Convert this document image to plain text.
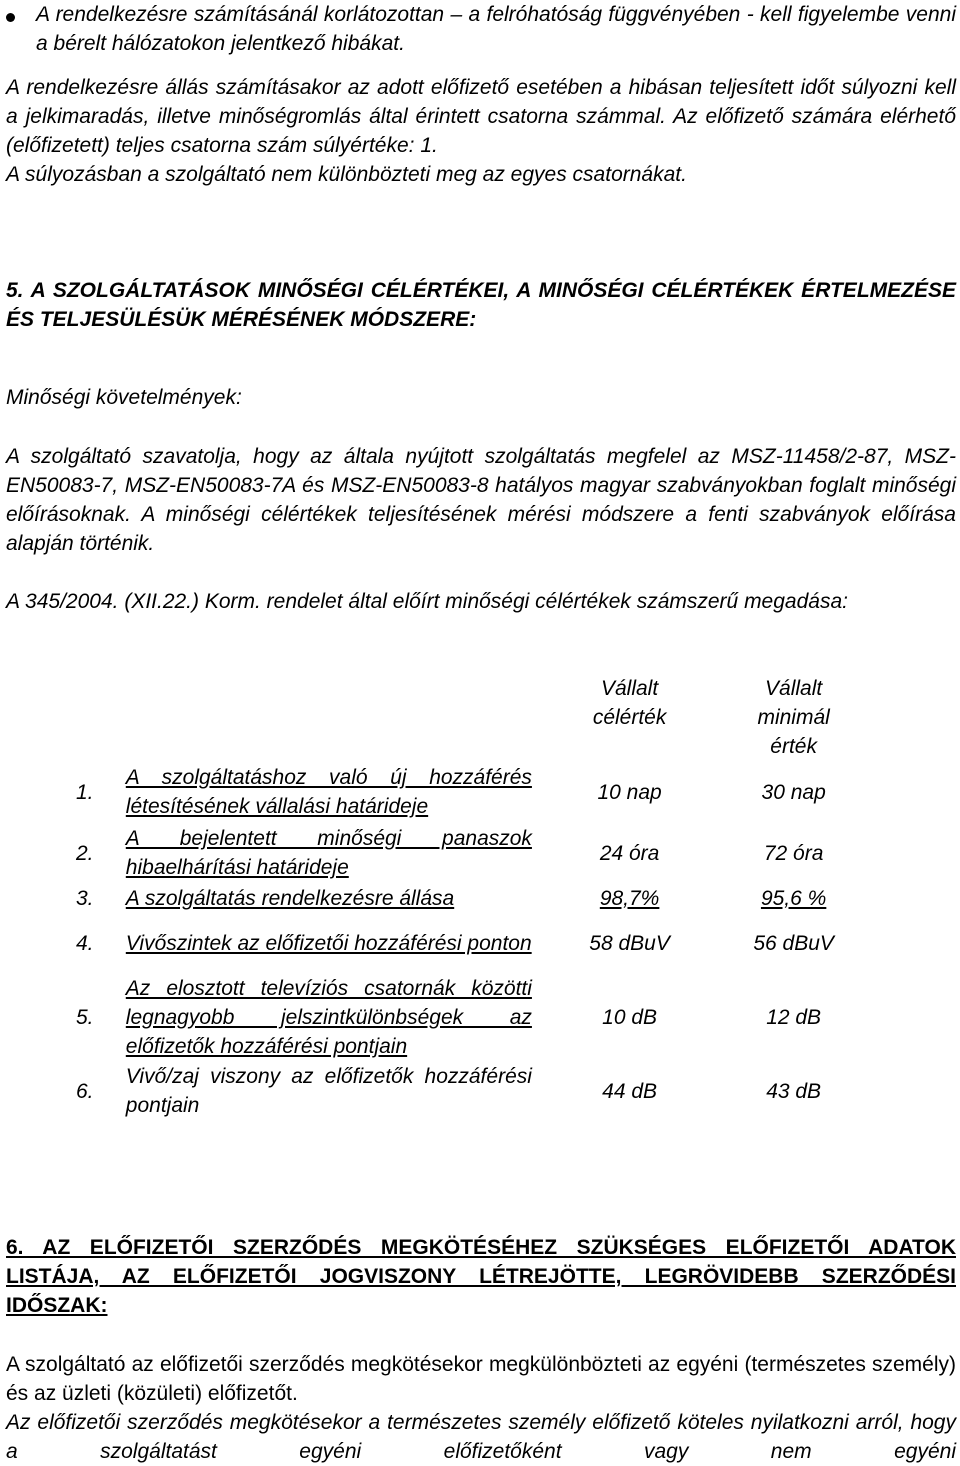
A rendelkezésre számításánál korlátozottan – a felróhatóság függvényében - kell figyelembe venni a bérelt hálózatokon jelentkező hibákat.
A rendelkezésre állás számításakor az adott előfizető esetében a hibásan teljesített időt súlyozni kell a jelkimaradás, illetve minőségromlás által érintett csatorna számmal. Az előfizető számára elérhető (előfizetett) teljes csatorna szám súlyértéke: 1.
A súlyozásban a szolgáltató nem különbözteti meg az egyes csatornákat.
5. A SZOLGÁLTATÁSOK MINŐSÉGI CÉLÉRTÉKEI, A MINŐSÉGI CÉLÉRTÉKEK ÉRTELMEZÉSE ÉS TELJESÜLÉSÜK MÉRÉSÉNEK MÓDSZERE:
Minőségi követelmények:
A szolgáltató szavatolja, hogy az általa nyújtott szolgáltatás megfelel az MSZ-11458/2-87, MSZ-EN50083-7, MSZ-EN50083-7A és MSZ-EN50083-8 hatályos magyar szabványokban foglalt minőségi előírásoknak. A minőségi célértékek teljesítésének mérési módszere a fenti szabványok előírása alapján történik.
A 345/2004. (XII.22.) Korm. rendelet által előírt minőségi célértékek számszerű megadása:
		Vállalt célérték	Vállalt minimál érték
1.	A szolgáltatáshoz való új hozzáférés létesítésének vállalási határideje	10 nap	30 nap
2.	A bejelentett minőségi panaszok hibaelhárítási határideje	24 óra	72 óra
3.	A szolgáltatás rendelkezésre állása	98,7%	95,6 %
4.	Vivőszintek az előfizetői hozzáférési ponton	58 dBuV	56 dBuV
5.	Az elosztott televíziós csatornák közötti legnagyobb jelszintkülönbségek az előfizetők hozzáférési pontjain	10 dB	12 dB
6.	Vivő/zaj viszony az előfizetők hozzáférési pontjain	44 dB	43 dB
6. AZ ELŐFIZETŐI SZERZŐDÉS MEGKÖTÉSÉHEZ SZÜKSÉGES ELŐFIZETŐI ADATOK LISTÁJA, AZ ELŐFIZETŐI JOGVISZONY LÉTREJÖTTE, LEGRÖVIDEBB SZERZŐDÉSI IDŐSZAK:
A szolgáltató az előfizetői szerződés megkötésekor megkülönbözteti az egyéni (természetes személy) és az üzleti (közületi) előfizetőt.
Az előfizetői szerződés megkötésekor a természetes személy előfizető köteles nyilatkozni arról, hogy a szolgáltatást egyéni előfizetőként vagy nem egyéni
